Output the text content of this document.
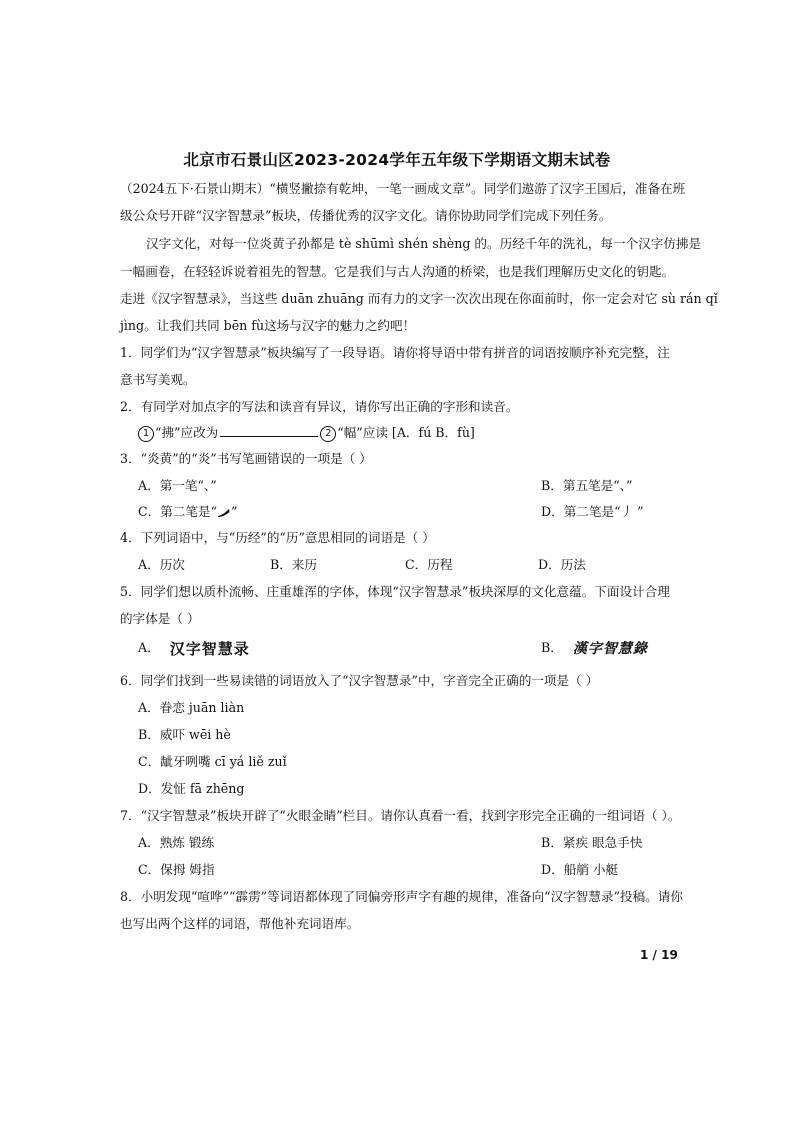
北京市石景山区2023-2024学年五年级下学期语文期末试卷
（2024五下·石景山期末）“横竖撇捺有乾坤，一笔一画成文章”。同学们遨游了汉字王国后，准备在班
级公众号开辟“汉字智慧录”板块，传播优秀的汉字文化。请你协助同学们完成下列任务。
汉字文化，对每一位炎黄子孙都是 tè shūmì shén shèng 的。历经千年的洗礼，每一个汉字仿拂是
一幅画卷，在轻轻诉说着祖先的智慧。它是我们与古人沟通的桥梁，也是我们理解历史文化的钥匙。
走进《汉字智慧录》，当这些 duān zhuāng 而有力的文字一次次出现在你面前时，你一定会对它 sù rán qǐ
jìng。让我们共同 bēn fù这场与汉字的魅力之约吧！
1．同学们为“汉字智慧录”板块编写了一段导语。请你将导语中带有拼音的词语按顺序补充完整，注
意书写美观。
2．有同学对加点字的写法和读音有异议，请你写出正确的字形和读音。
1 “拂”应改为	2 “幅”应读 [A．fú B．fù]
3．“炎黄”的“炎”书写笔画错误的一项是（ ）
A．第一笔“、”	B．第五笔是“、”
C．第二笔是“ ”	D．第二笔是“丿 ”
4．下列词语中，与“历经”的“历”意思相同的词语是（ ）
A．历次	B．来历	C．历程	D．历法
5．同学们想以质朴流畅、庄重雄浑的字体，体现“汉字智慧录”板块深厚的文化意蕴。下面设计合理
的字体是（ ）
A． 汉字智慧录	B． 漢字智慧錄
6．同学们找到一些易读错的词语放入了“汉字智慧录”中，字音完全正确的一项是（ ）
A．眷恋 juān liàn
B．威吓 wēi hè
C．龇牙咧嘴 cī yá liě zuǐ
D．发怔 fā zhēng
7．“汉字智慧录”板块开辟了“火眼金睛”栏目。请你认真看一看，找到字形完全正确的一组词语（ ）。
A．熟炼 锻练	B．紧疾 眼急手快
C．保拇 姆指	D．船艄 小艇
8．小明发现“喧哗”“霹雳”等词语都体现了同偏旁形声字有趣的规律，准备向“汉字智慧录”投稿。请你
也写出两个这样的词语，帮他补充词语库。
1 / 19
